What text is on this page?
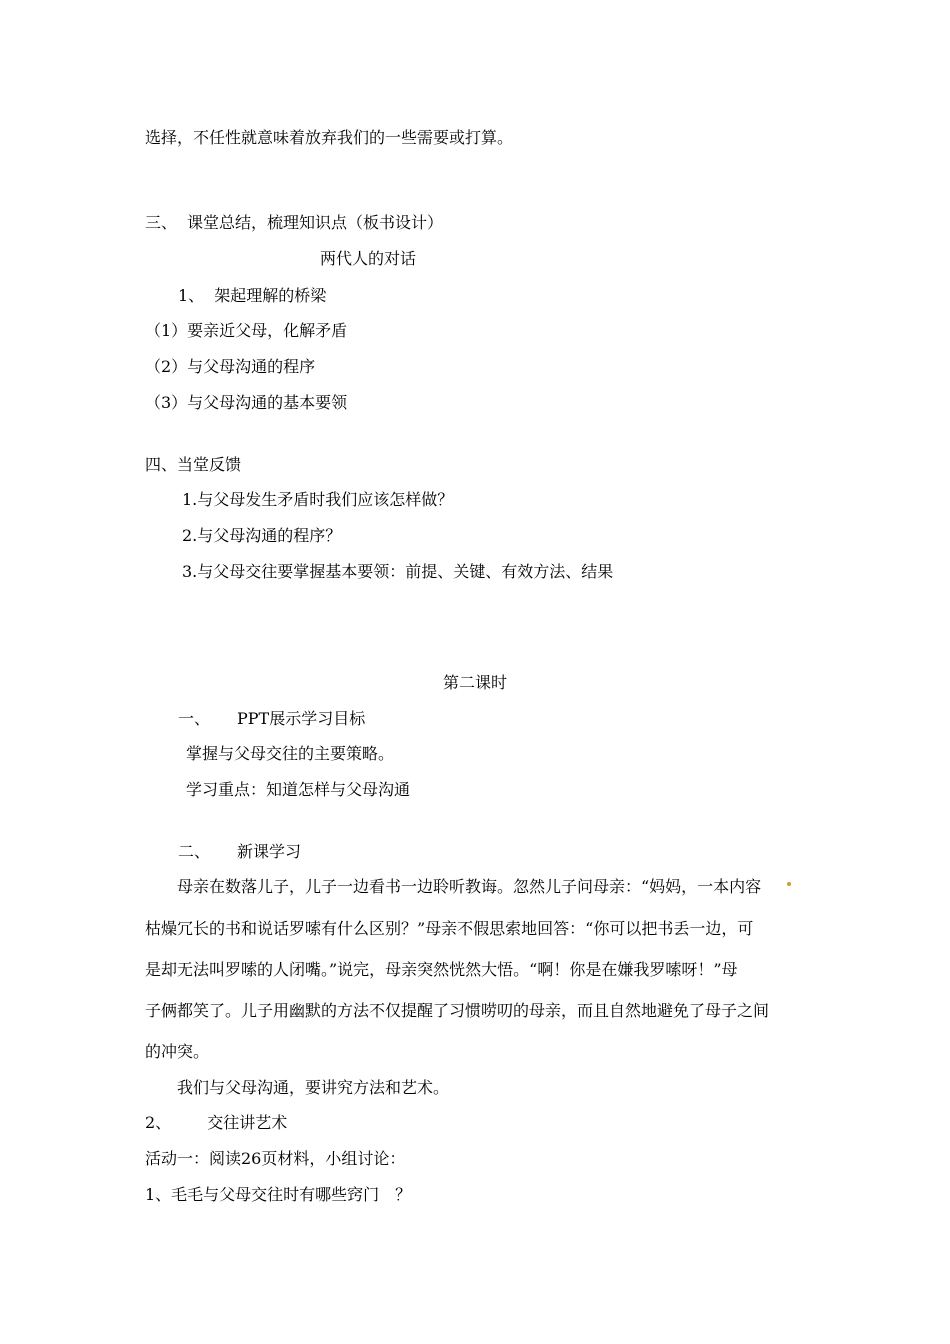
选择，不任性就意味着放弃我们的一些需要或打算。
三、 课堂总结，梳理知识点（板书设计）
两代人的对话
1、 架起理解的桥梁
（1）要亲近父母，化解矛盾
（2）与父母沟通的程序
（3）与父母沟通的基本要领
四、当堂反馈
1.与父母发生矛盾时我们应该怎样做？
2.与父母沟通的程序？
3.与父母交往要掌握基本要领：前提、关键、有效方法、结果
第二课时
一、 PPT展示学习目标
掌握与父母交往的主要策略。
学习重点：知道怎样与父母沟通
二、 新课学习
母亲在数落儿子，儿子一边看书一边聆听教诲。忽然儿子问母亲：“妈妈，一本内容
枯燥冗长的书和说话罗嗦有什么区别？”母亲不假思索地回答：“你可以把书丢一边，可
是却无法叫罗嗦的人闭嘴。”说完，母亲突然恍然大悟。“啊！你是在嫌我罗嗦呀！”母
子俩都笑了。儿子用幽默的方法不仅提醒了习惯唠叨的母亲，而且自然地避免了母子之间
的冲突。
我们与父母沟通，要讲究方法和艺术。
2、 交往讲艺术
活动一：阅读26页材料，小组讨论：
1、毛毛与父母交往时有哪些窍门　？
